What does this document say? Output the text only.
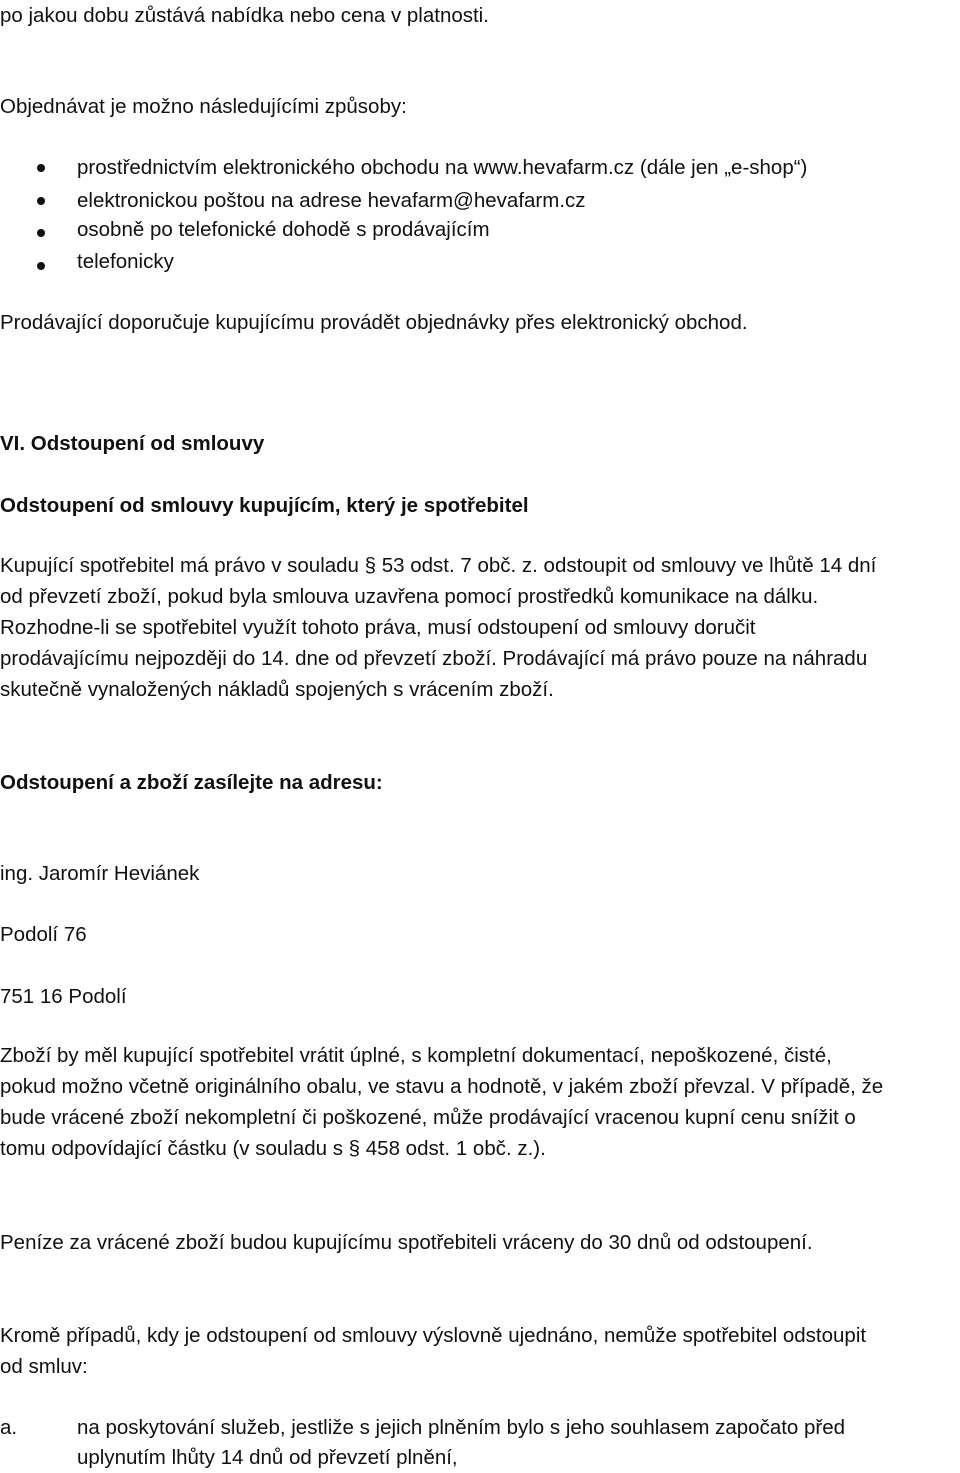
po jakou dobu zůstává nabídka nebo cena v platnosti.
Objednávat je možno následujícími způsoby:
prostřednictvím elektronického obchodu na www.hevafarm.cz (dále jen „e-shop“)
elektronickou poštou na adrese hevafarm@hevafarm.cz
osobně po telefonické dohodě s prodávajícím
telefonicky
Prodávající doporučuje kupujícímu provádět objednávky přes elektronický obchod.
VI. Odstoupení od smlouvy
Odstoupení od smlouvy kupujícím, který je spotřebitel
Kupující spotřebitel má právo v souladu § 53 odst. 7 obč. z. odstoupit od smlouvy ve lhůtě 14 dní
od převzetí zboží, pokud byla smlouva uzavřena pomocí prostředků komunikace na dálku.
Rozhodne-li se spotřebitel využít tohoto práva, musí odstoupení od smlouvy doručit
prodávajícímu nejpozději do 14. dne od převzetí zboží. Prodávající má právo pouze na náhradu
skutečně vynaložených nákladů spojených s vrácením zboží.
Odstoupení a zboží zasílejte na adresu:
ing. Jaromír Heviánek
Podolí 76
751 16 Podolí
Zboží by měl kupující spotřebitel vrátit úplné, s kompletní dokumentací, nepoškozené, čisté,
pokud možno včetně originálního obalu, ve stavu a hodnotě, v jakém zboží převzal. V případě, že
bude vrácené zboží nekompletní či poškozené, může prodávající vracenou kupní cenu snížit o
tomu odpovídající částku (v souladu s § 458 odst. 1 obč. z.).
Peníze za vrácené zboží budou kupujícímu spotřebiteli vráceny do 30 dnů od odstoupení.
Kromě případů, kdy je odstoupení od smlouvy výslovně ujednáno, nemůže spotřebitel odstoupit
od smluv:
a.	na poskytování služeb, jestliže s jejich plněním bylo s jeho souhlasem započato před
uplynutím lhůty 14 dnů od převzetí plnění,
